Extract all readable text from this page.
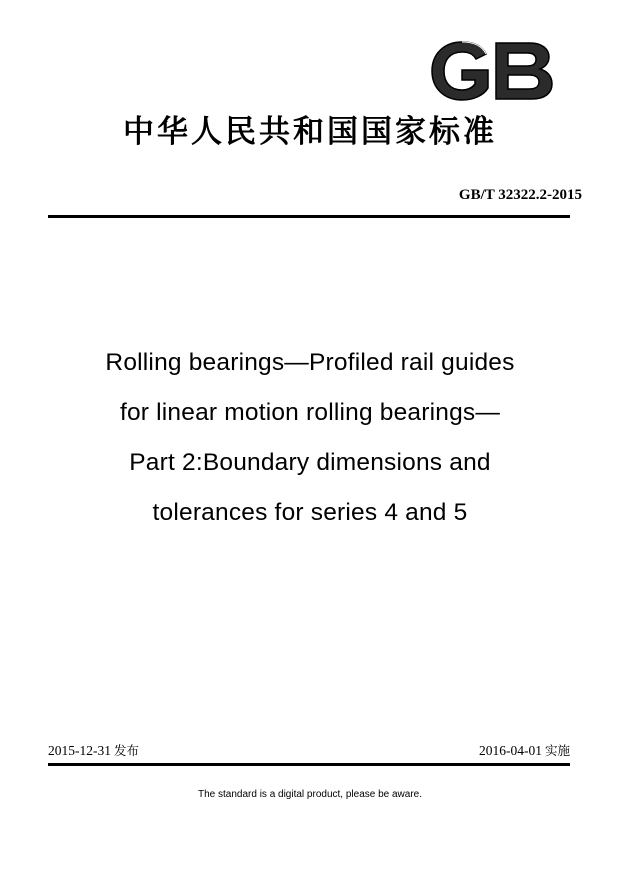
中华人民共和国国家标准
GB/T 32322.2-2015
Rolling bearings—Profiled rail guides
for linear motion rolling bearings—
Part 2:Boundary dimensions and
tolerances for series 4 and 5
2015-12-31 发布	2016-04-01 实施
The standard is a digital product, please be aware.
